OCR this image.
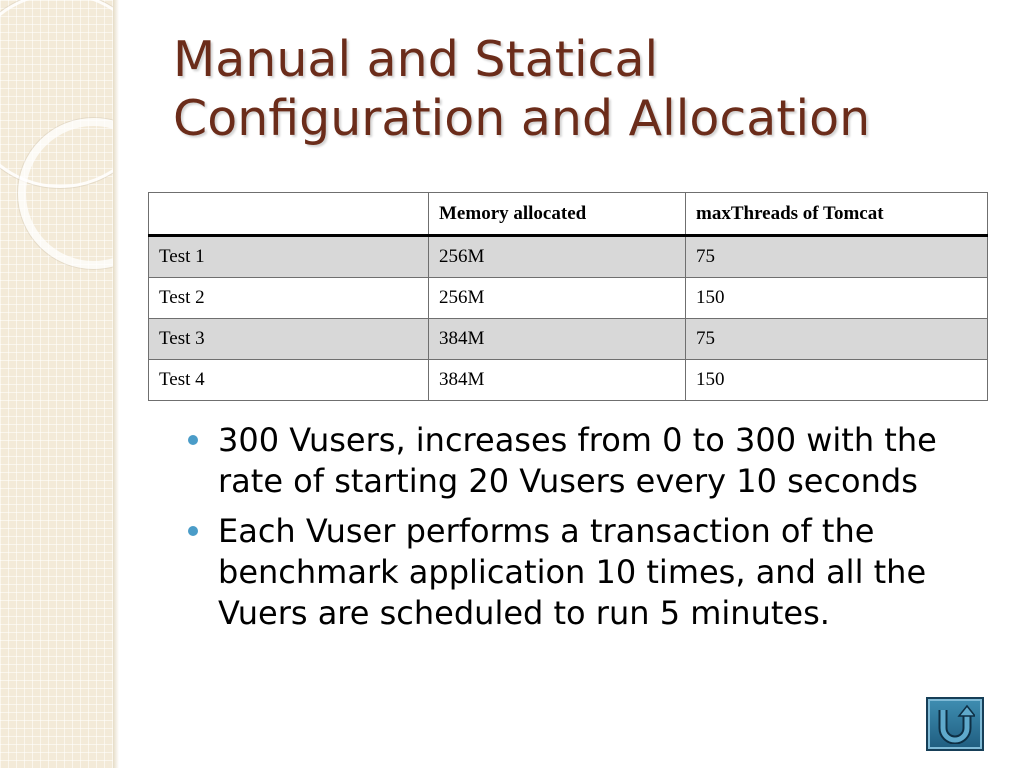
Manual and Statical Configuration and Allocation
	Memory allocated	maxThreads of Tomcat
Test 1	256M	75
Test 2	256M	150
Test 3	384M	75
Test 4	384M	150
300 Vusers, increases from 0 to 300 with the rate of starting 20 Vusers every 10 seconds
Each Vuser performs a transaction of the benchmark application 10 times, and all the Vuers are scheduled to run 5 minutes.
